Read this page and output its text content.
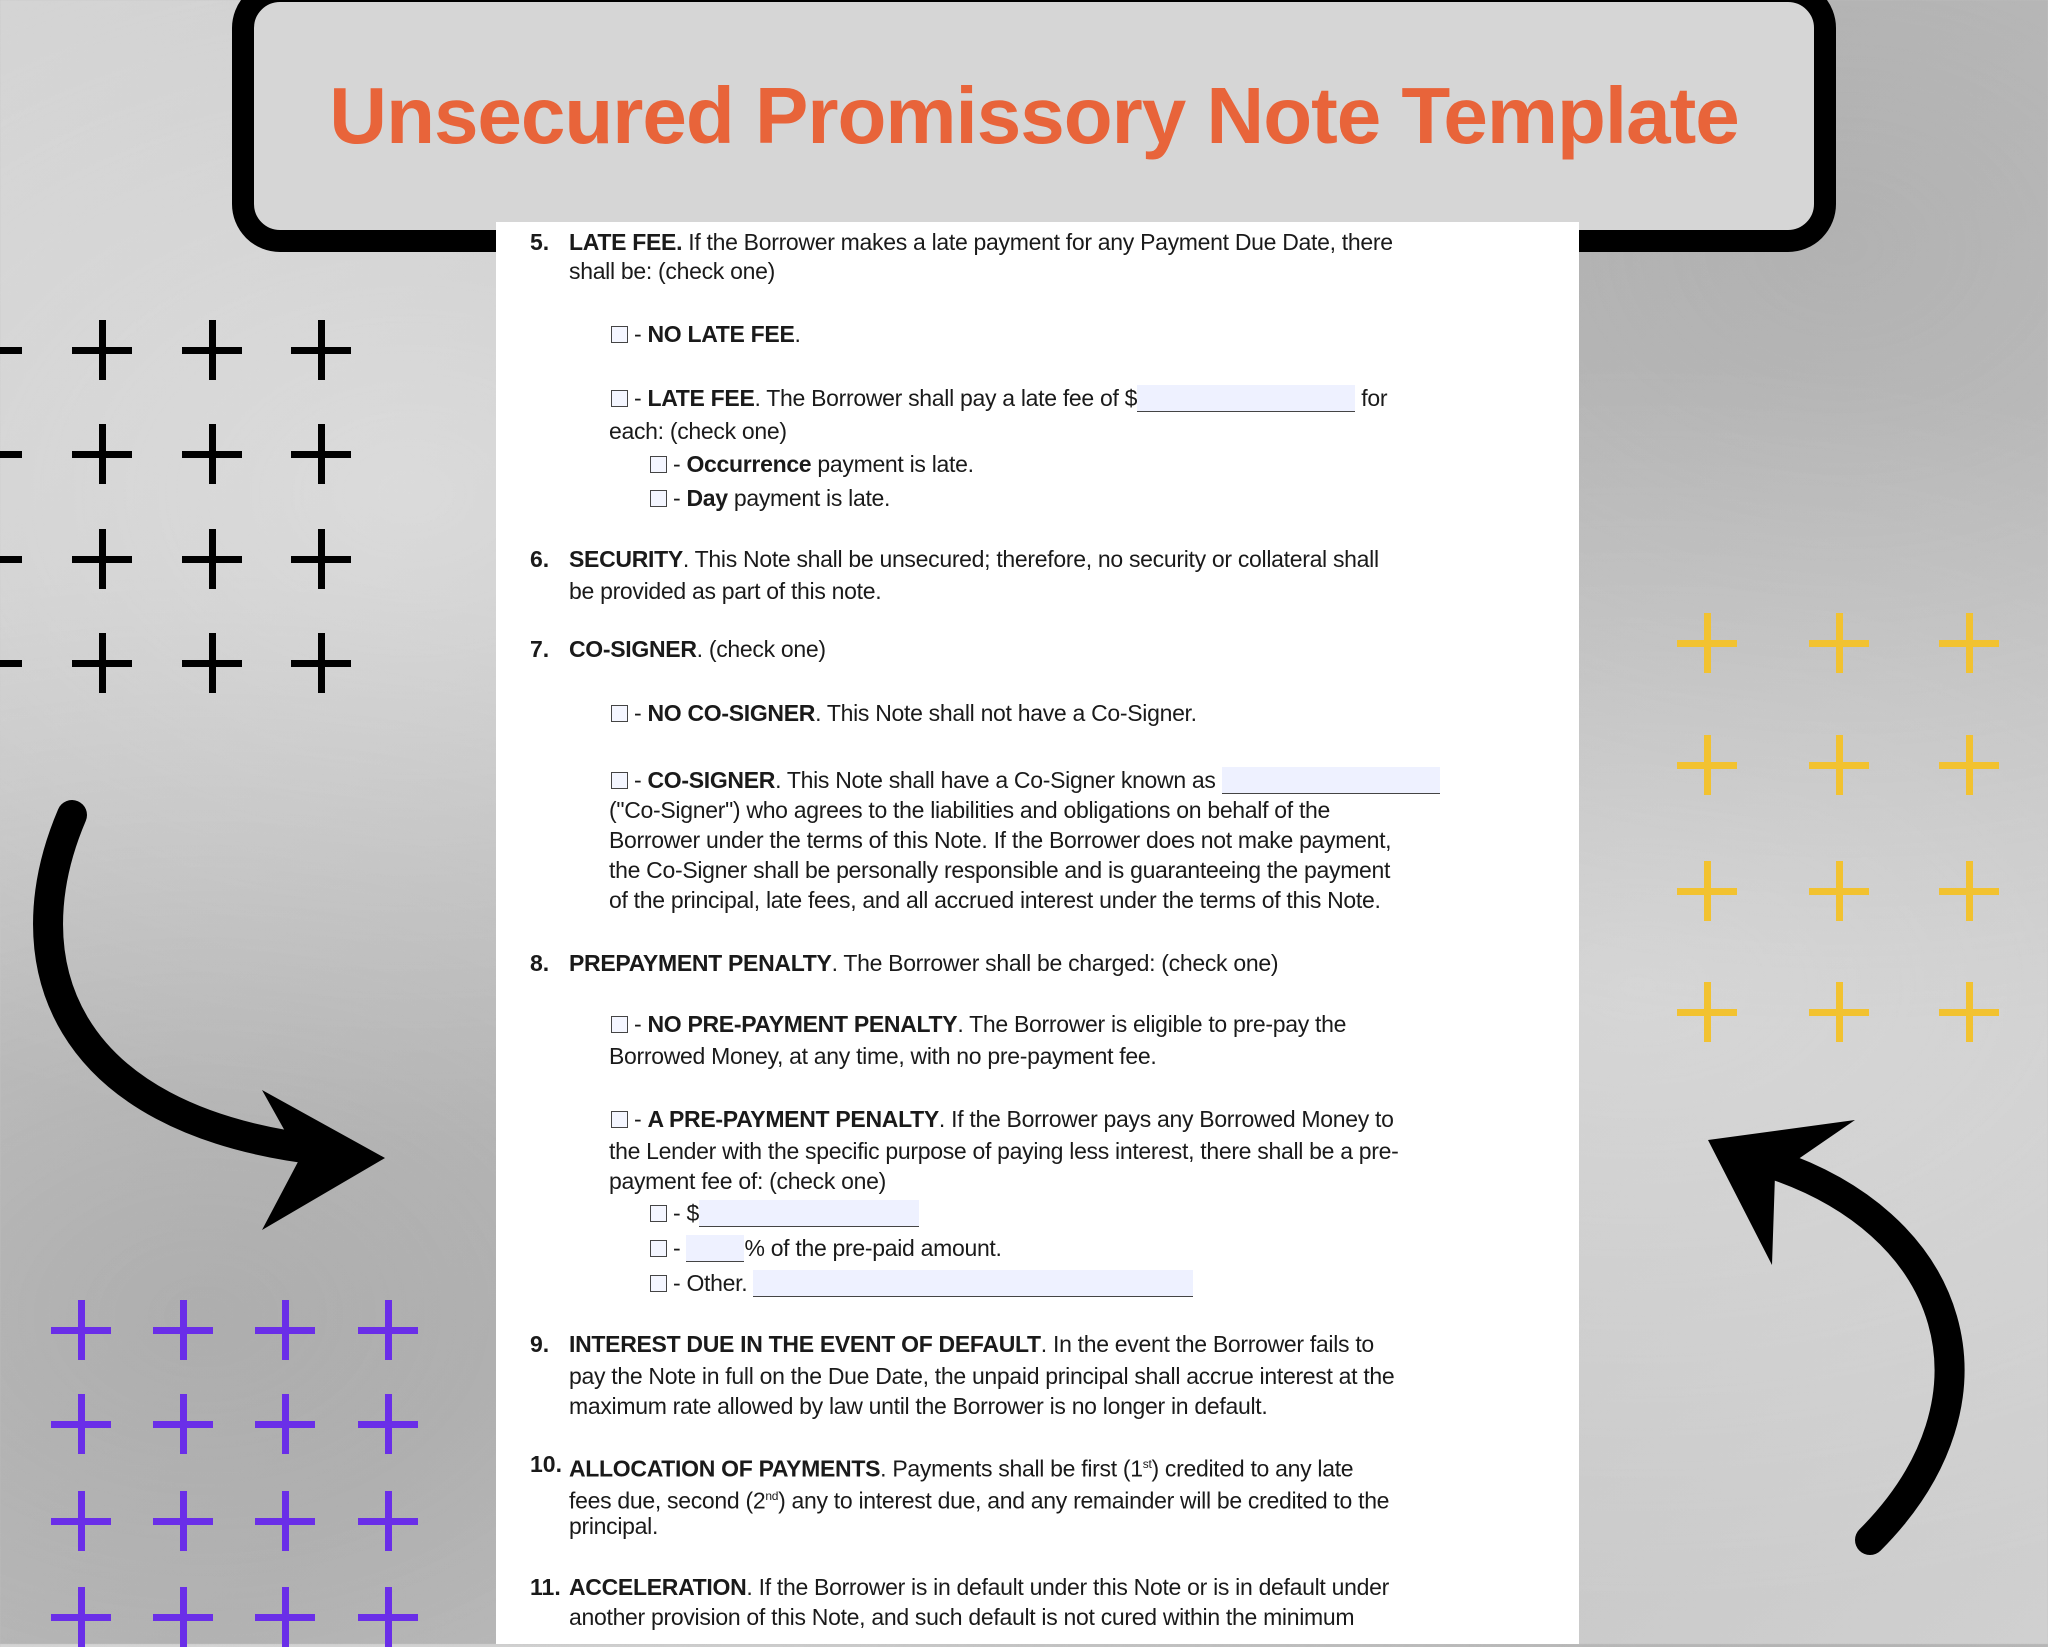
Unsecured Promissory Note Template
5. LATE FEE. If the Borrower makes a late payment for any Payment Due Date, there
shall be: (check one)
- NO LATE FEE.
- LATE FEE. The Borrower shall pay a late fee of $	for
each: (check one)
- Occurrence payment is late.
- Day payment is late.
6. SECURITY. This Note shall be unsecured; therefore, no security or collateral shall
be provided as part of this note.
7. CO-SIGNER. (check one)
- NO CO-SIGNER. This Note shall not have a Co-Signer.
- CO-SIGNER. This Note shall have a Co-Signer known as
("Co-Signer") who agrees to the liabilities and obligations on behalf of the
Borrower under the terms of this Note. If the Borrower does not make payment,
the Co-Signer shall be personally responsible and is guaranteeing the payment
of the principal, late fees, and all accrued interest under the terms of this Note.
8. PREPAYMENT PENALTY. The Borrower shall be charged: (check one)
- NO PRE-PAYMENT PENALTY. The Borrower is eligible to pre-pay the
Borrowed Money, at any time, with no pre-payment fee.
- A PRE-PAYMENT PENALTY. If the Borrower pays any Borrowed Money to
the Lender with the specific purpose of paying less interest, there shall be a pre-
payment fee of: (check one)
- $
-	% of the pre-paid amount.
- Other.
9. INTEREST DUE IN THE EVENT OF DEFAULT. In the event the Borrower fails to
pay the Note in full on the Due Date, the unpaid principal shall accrue interest at the
maximum rate allowed by law until the Borrower is no longer in default.
10. ALLOCATION OF PAYMENTS. Payments shall be first (1st) credited to any late
fees due, second (2nd) any to interest due, and any remainder will be credited to the
principal.
11. ACCELERATION. If the Borrower is in default under this Note or is in default under
another provision of this Note, and such default is not cured within the minimum
